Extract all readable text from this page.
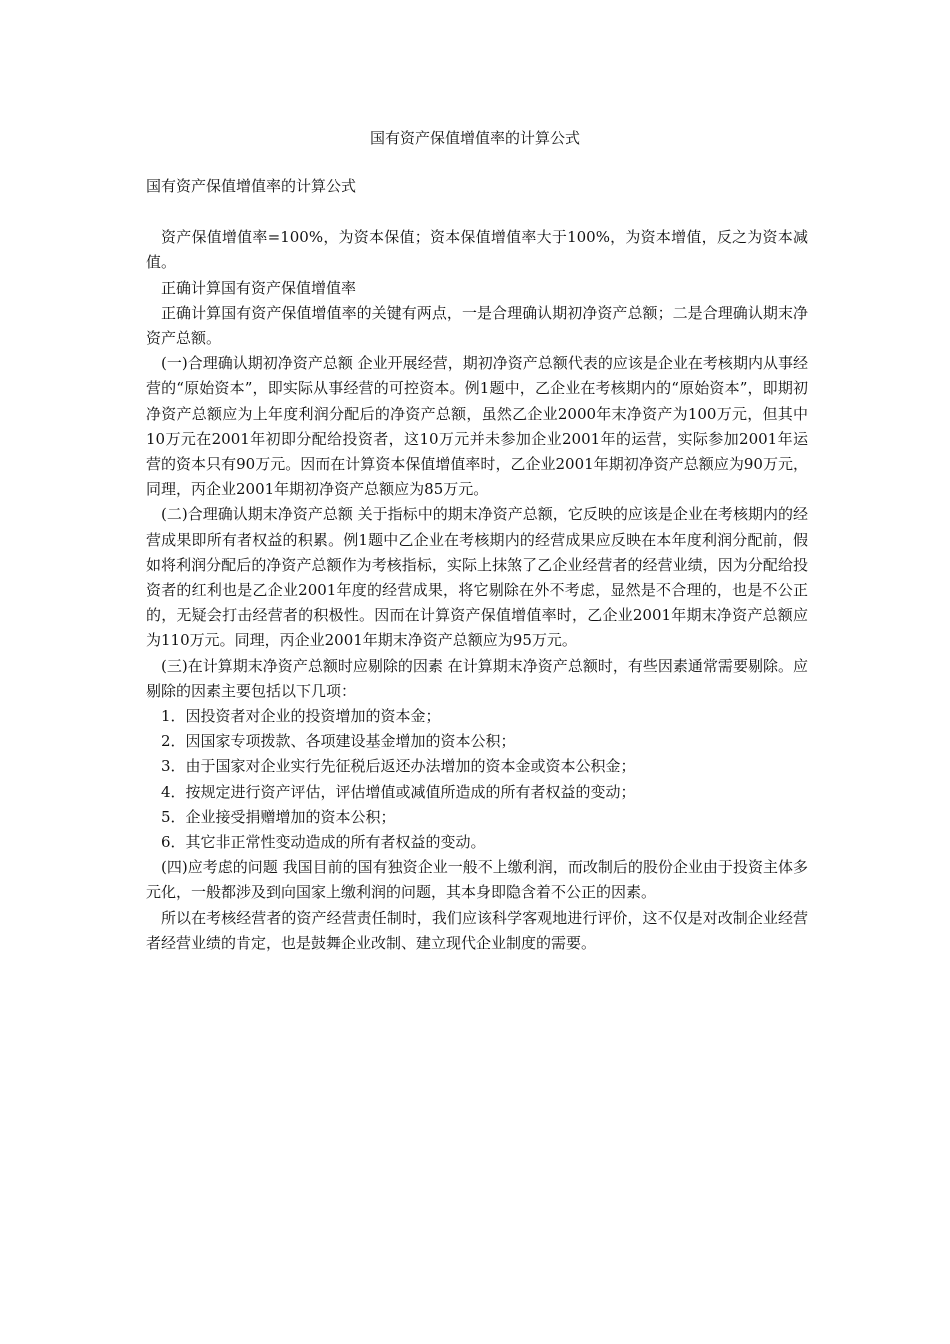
国有资产保值增值率的计算公式

国有资产保值增值率的计算公式

资产保值增值率=100%，为资本保值；资本保值增值率大于100%，为资本增值，反之为资本减值。

正确计算国有资产保值增值率

正确计算国有资产保值增值率的关键有两点，一是合理确认期初净资产总额；二是合理确认期末净资产总额。

(一)合理确认期初净资产总额 企业开展经营，期初净资产总额代表的应该是企业在考核期内从事经营的“原始资本”，即实际从事经营的可控资本。例1题中，乙企业在考核期内的“原始资本”，即期初净资产总额应为上年度利润分配后的净资产总额，虽然乙企业2000年末净资产为100万元，但其中10万元在2001年初即分配给投资者，这10万元并未参加企业2001年的运营，实际参加2001年运营的资本只有90万元。因而在计算资本保值增值率时，乙企业2001年期初净资产总额应为90万元，同理，丙企业2001年期初净资产总额应为85万元。

(二)合理确认期末净资产总额 关于指标中的期末净资产总额，它反映的应该是企业在考核期内的经营成果即所有者权益的积累。例1题中乙企业在考核期内的经营成果应反映在本年度利润分配前，假如将利润分配后的净资产总额作为考核指标，实际上抹煞了乙企业经营者的经营业绩，因为分配给投资者的红利也是乙企业2001年度的经营成果，将它剔除在外不考虑，显然是不合理的，也是不公正的，无疑会打击经营者的积极性。因而在计算资产保值增值率时，乙企业2001年期末净资产总额应为110万元。同理，丙企业2001年期末净资产总额应为95万元。

(三)在计算期末净资产总额时应剔除的因素 在计算期末净资产总额时，有些因素通常需要剔除。应剔除的因素主要包括以下几项：

1．因投资者对企业的投资增加的资本金；

2．因国家专项拨款、各项建设基金增加的资本公积；

3．由于国家对企业实行先征税后返还办法增加的资本金或资本公积金；

4．按规定进行资产评估，评估增值或减值所造成的所有者权益的变动；

5．企业接受捐赠增加的资本公积；

6．其它非正常性变动造成的所有者权益的变动。

(四)应考虑的问题 我国目前的国有独资企业一般不上缴利润，而改制后的股份企业由于投资主体多元化，一般都涉及到向国家上缴利润的问题，其本身即隐含着不公正的因素。

所以在考核经营者的资产经营责任制时，我们应该科学客观地进行评价，这不仅是对改制企业经营者经营业绩的肯定，也是鼓舞企业改制、建立现代企业制度的需要。
